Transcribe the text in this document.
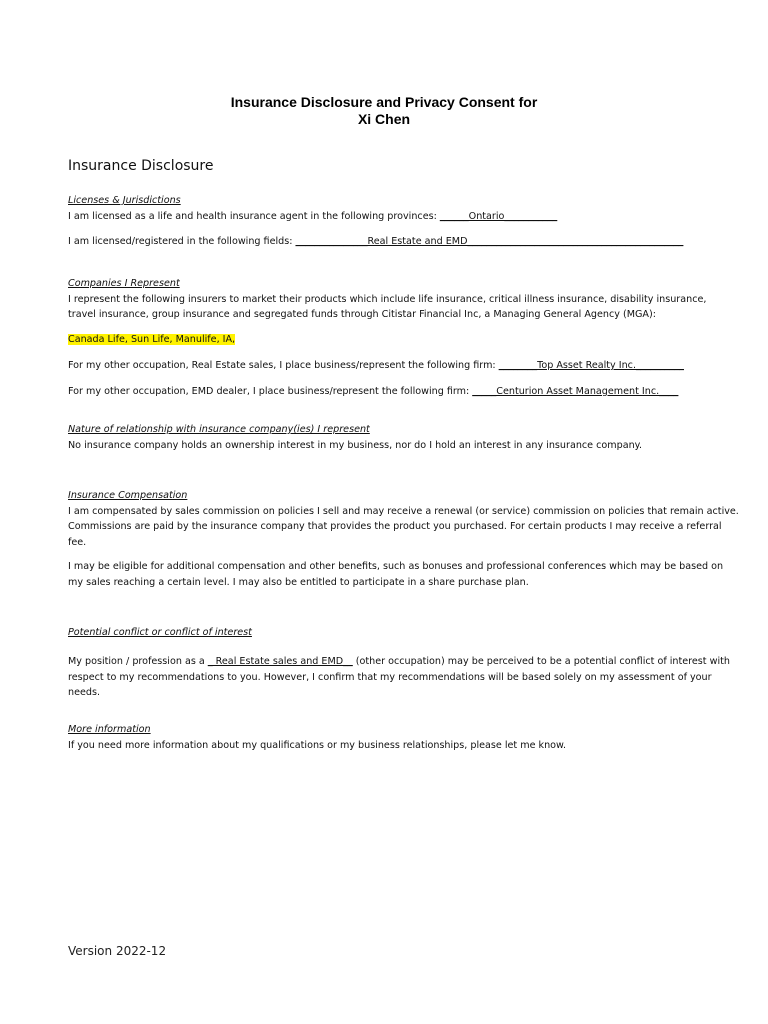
Insurance Disclosure and Privacy Consent for
Xi Chen
Insurance Disclosure
Licenses & Jurisdictions
I am licensed as a life and health insurance agent in the following provinces: ______Ontario___________
I am licensed/registered in the following fields: _______________Real Estate and EMD_____________________________________________
Companies I Represent
I represent the following insurers to market their products which include life insurance, critical illness insurance, disability insurance,
travel insurance, group insurance and segregated funds through Citistar Financial Inc, a Managing General Agency (MGA):
Canada Life, Sun Life, Manulife, IA,
For my other occupation, Real Estate sales, I place business/represent the following firm: ________Top Asset Realty Inc.__________
For my other occupation, EMD dealer, I place business/represent the following firm: _____Centurion Asset Management Inc.____
Nature of relationship with insurance company(ies) I represent
No insurance company holds an ownership interest in my business, nor do I hold an interest in any insurance company.
Insurance Compensation
I am compensated by sales commission on policies I sell and may receive a renewal (or service) commission on policies that remain active.
Commissions are paid by the insurance company that provides the product you purchased. For certain products I may receive a referral
fee.
I may be eligible for additional compensation and other benefits, such as bonuses and professional conferences which may be based on
my sales reaching a certain level. I may also be entitled to participate in a share purchase plan.
Potential conflict or conflict of interest
My position / profession as a _ Real Estate sales and EMD__ (other occupation) may be perceived to be a potential conflict of interest with
respect to my recommendations to you. However, I confirm that my recommendations will be based solely on my assessment of your
needs.
More information
If you need more information about my qualifications or my business relationships, please let me know.
Version 2022-12
